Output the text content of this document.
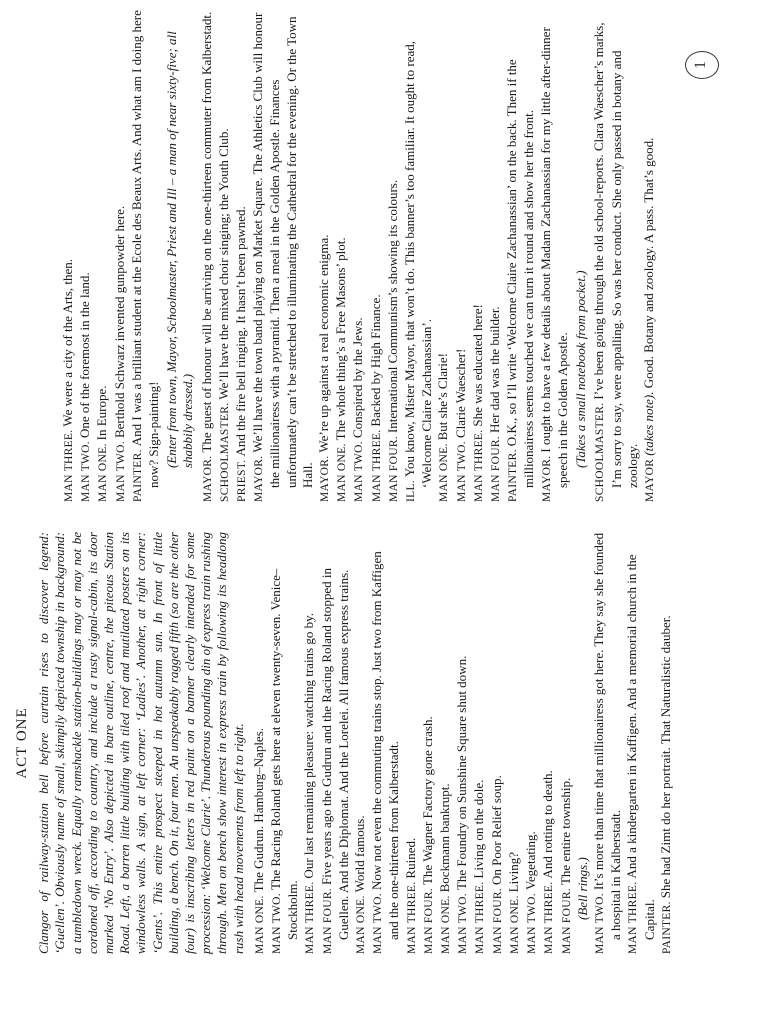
1
ACT ONE Clangor of railway-station bell before curtain rises to discover legend: ‘Guellen’. Obviously name of small, skimpily depicted township in background: a tumbledown wreck. Equally ramshackle station-buildings may or may not be cordoned off, according to country, and include a rusty signal-cabin, its door marked ‘No Entry’. Also depicted in bare outline, centre, the piteous Station Road. Left, a barren little building with tiled roof and mutilated posters on its windowless walls. A sign, at left corner: ‘Ladies’. Another, at right corner: ‘Gents’. This entire prospect steeped in hot autumn sun. In front of little building, a bench. On it, four men. An unspeakably ragged fifth (so are the other four) is inscribing letters in red paint on a banner clearly intended for some procession: ‘Welcome Clarie’. Thunderous pounding din of express train rushing through. Men on bench show interest in express train by following its headlong rush with head movements from left to right. MAN ONE.The Gudrun. Hamburg–Naples.

MAN TWO.The Racing Roland gets here at eleven twenty-seven. Venice–Stockholm. MAN THREE.Our last remaining pleasure: watching trains go by.

MAN FOUR.Five years ago the Gudrun and the Racing Roland stopped in Guellen. And the Diplomat. And the Lorelei. All famous express trains. MAN ONE.World famous.

MAN TWO.Now not even the commuting trains stop. Just two from Kaffigen and the one-thirteen from Kalberstadt. MAN THREE.Ruined.

MAN FOUR.The Wagner Factory gone crash.

MAN ONE.Bockmann bankrupt.

MAN TWO.The Foundry on Sunshine Square shut down.

MAN THREE.Living on the dole.

MAN FOUR.On Poor Relief soup.

MAN ONE.Living?

MAN TWO.Vegetating.

MAN THREE.And rotting to death.

MAN FOUR.The entire township.

(Bell rings.)

MAN TWO.It’s more than time that millionairess got here. They say she founded a hospital in Kalberstadt. MAN THREE.And a kindergarten in Kaffigen. And a memorial church in the Capital. PAINTER.She had Zimt do her portrait. That Naturalistic dauber.

MAN THREE.We were a city of the Arts, then.

MAN TWO.One of the foremost in the land.

MAN ONE.In Europe.

MAN TWO.Berthold Schwarz invented gunpowder here.

PAINTER.And I was a brilliant student at the Ecole des Beaux Arts. And what am I doing here now? Sign-painting! (Enter from town, Mayor, Schoolmaster, Priest and Ill – a man of near sixty-five; all shabbily dressed.)

MAYOR.The guest of honour will be arriving on the one-thirteen commuter from Kalberstadt. SCHOOLMASTER.We’ll have the mixed choir singing; the Youth Club.

PRIEST.And the fire bell ringing. It hasn’t been pawned.

MAYOR.We’ll have the town band playing on Market Square. The Athletics Club will honour the millionairess with a pyramid. Then a meal in the Golden Apostle. Finances unfortunately can’t be stretched to illuminating the Cathedral for the evening. Or the Town Hall. MAYOR.We’re up against a real economic enigma.

MAN ONE.The whole thing’s a Free Masons’ plot.

MAN TWO.Conspired by the Jews.

MAN THREE.Backed by High Finance.

MAN FOUR.International Communism’s showing its colours.

ILL.You know, Mister Mayor, that won’t do. This banner’s too familiar. It ought to read, ‘Welcome Claire Zachanassian’. MAN ONE.But she’s Clarie!

MAN TWO.Clarie Waescher!

MAN THREE.She was educated here!

MAN FOUR.Her dad was the builder.

PAINTER.O.K., so I’ll write ‘Welcome Claire Zachanassian’ on the back. Then if the millionairess seems touched we can turn it round and show her the front. MAYOR.I ought to have a few details about Madam Zachanassian for my little after-dinner speech in the Golden Apostle. (Takes a small notebook from pocket.) SCHOOLMASTER.I’ve been going through the old school-reports. Clara Waescher’s marks, I’m sorry to say, were appalling. So was her conduct. She only passed in botany and zoology. MAYOR(takes note). Good. Botany and zoology. A pass. That’s good.
